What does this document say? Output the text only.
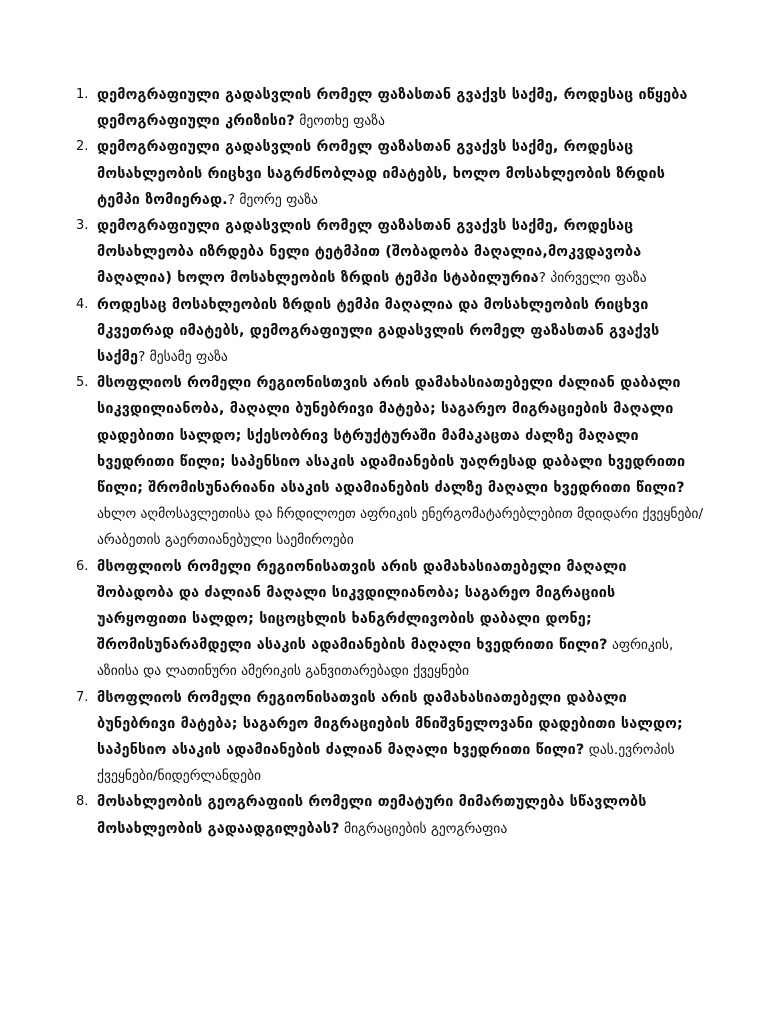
1. დემოგრაფიული გადასვლის რომელ ფაზასთან გვაქვს საქმე, როდესაც იწყება დემოგრაფიული კრიზისი? მეოთხე ფაზა
2. დემოგრაფიული გადასვლის რომელ ფაზასთან გვაქვს საქმე, როდესაც მოსახლეობის რიცხვი საგრძნობლად იმატებს, ხოლო მოსახლეობის ზრდის ტემპი ზომიერად.? მეორე ფაზა
3. დემოგრაფიული გადასვლის რომელ ფაზასთან გვაქვს საქმე, როდესაც მოსახლეობა იზრდება ნელი ტეტმპით (შობადობა მაღალია,მოკვდავობა მაღალია) ხოლო მოსახლეობის ზრდის ტემპი სტაბილურია? პირველი ფაზა
4. როდესაც მოსახლეობის ზრდის ტემპი მაღალია და მოსახლეობის რიცხვი მკვეთრად იმატებს, დემოგრაფიული გადასვლის რომელ ფაზასთან გვაქვს საქმე? მესამე ფაზა
5. მსოფლიოს რომელი რეგიონისთვის არის დამახასიათებელი ძალიან დაბალი სიკვდილიანობა, მაღალი ბუნებრივი მატება; საგარეო მიგრაციების მაღალი დადებითი სალდო; სქესობრივ სტრუქტურაში მამაკაცთა ძალზე მაღალი ხვედრითი წილი; საპენსიო ასაკის ადამიანების უაღრესად დაბალი ხვედრითი წილი; შრომისუნარიანი ასაკის ადამიანების ძალზე მაღალი ხვედრითი წილი? ახლო აღმოსავლეთისა და ჩრდილოეთ აფრიკის ენერგომატარებლებით მდიდარი ქვეყნები/ არაბეთის გაერთიანებული საემიროები
6. მსოფლიოს რომელი რეგიონისათვის არის დამახასიათებელი მაღალი შობადობა და ძალიან მაღალი სიკვდილიანობა; საგარეო მიგრაციის უარყოფითი სალდო; სიცოცხლის ხანგრძლივობის დაბალი დონე; შრომისუნარამდელი ასაკის ადამიანების მაღალი ხვედრითი წილი? აფრიკის, აზიისა და ლათინური ამერიკის განვითარებადი ქვეყნები
7. მსოფლიოს რომელი რეგიონისათვის არის დამახასიათებელი დაბალი ბუნებრივი მატება; საგარეო მიგრაციების მნიშვნელოვანი დადებითი სალდო; საპენსიო ასაკის ადამიანების ძალიან მაღალი ხვედრითი წილი? დას.ევროპის ქვეყნები/ნიდერლანდები
8. მოსახლეობის გეოგრაფიის რომელი თემატური მიმართულება სწავლობს მოსახლეობის გადაადგილებას? მიგრაციების გეოგრაფია
